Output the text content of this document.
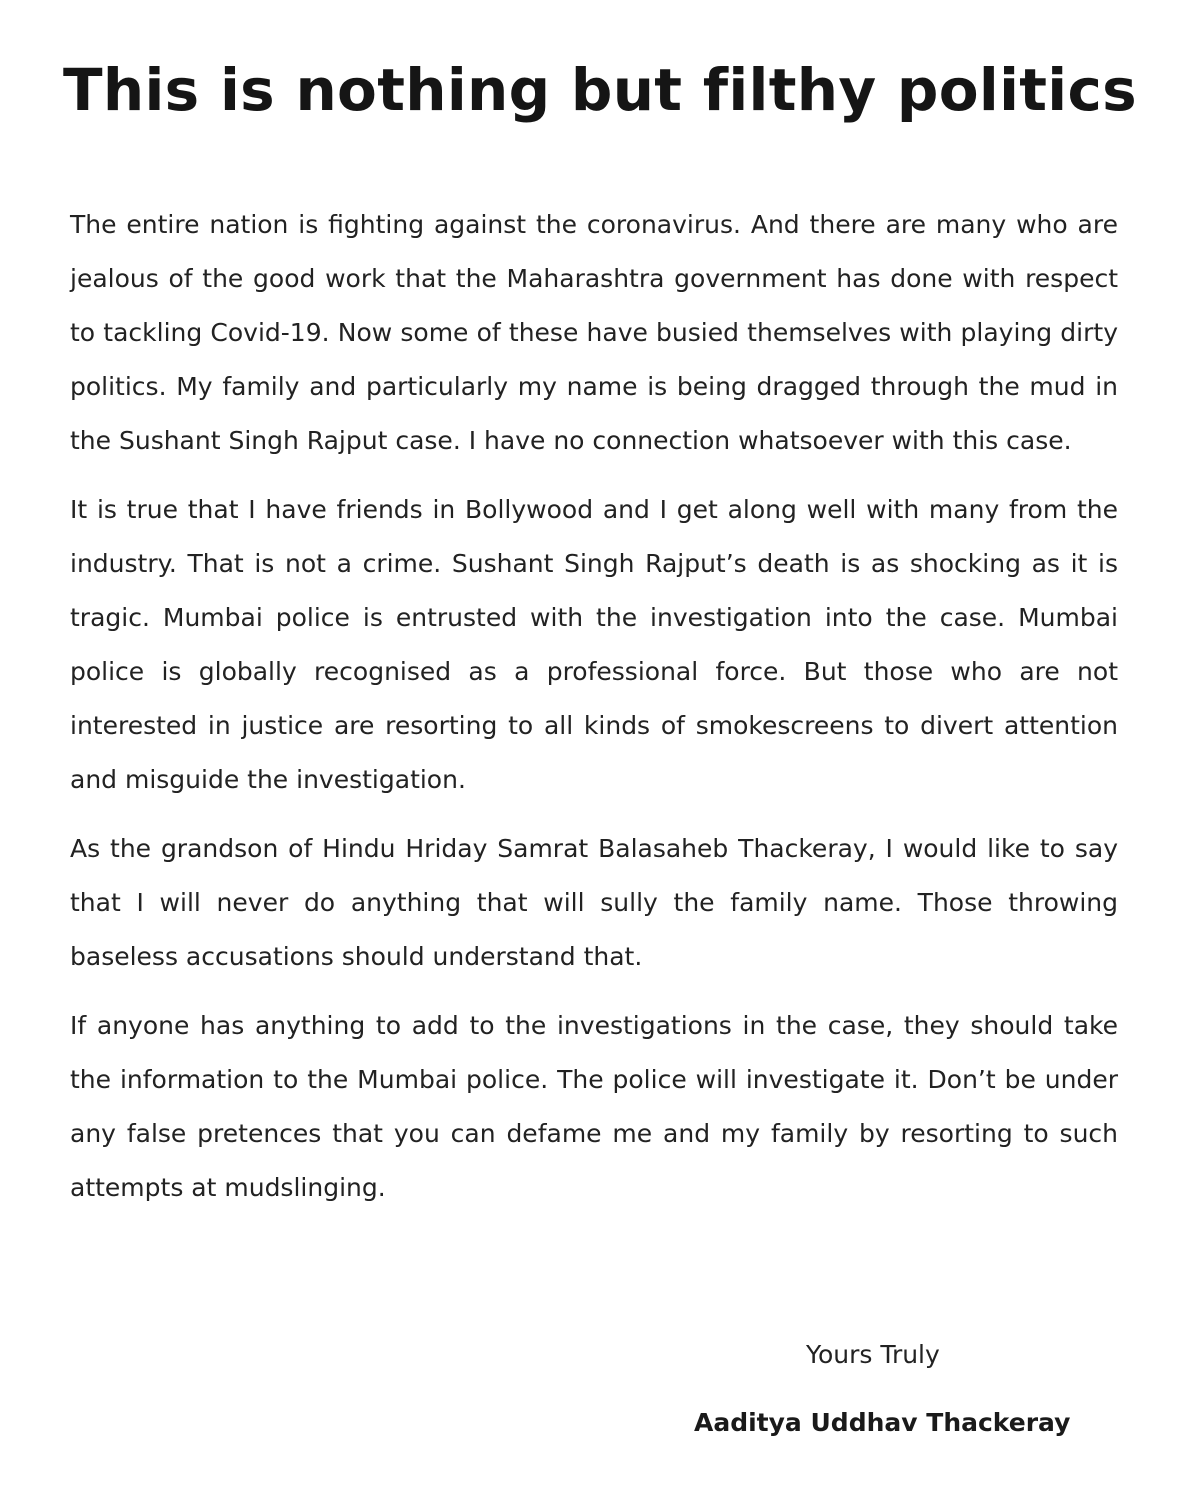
This is nothing but filthy politics

The entire nation is fighting against the coronavirus. And there are many who are jealous of the good work that the Maharashtra government has done with respect to tackling Covid-19. Now some of these have busied themselves with playing dirty politics. My family and particularly my name is being dragged through the mud in the Sushant Singh Rajput case. I have no connection whatsoever with this case.

It is true that I have friends in Bollywood and I get along well with many from the industry. That is not a crime. Sushant Singh Rajput’s death is as shocking as it is tragic. Mumbai police is entrusted with the investigation into the case. Mumbai police is globally recognised as a professional force. But those who are not interested in justice are resorting to all kinds of smokescreens to divert attention and misguide the investigation.

As the grandson of Hindu Hriday Samrat Balasaheb Thackeray, I would like to say that I will never do anything that will sully the family name. Those throwing baseless accusations should understand that.

If anyone has anything to add to the investigations in the case, they should take the information to the Mumbai police. The police will investigate it. Don’t be under any false pretences that you can defame me and my family by resorting to such attempts at mudslinging.

Yours Truly
Aaditya Uddhav Thackeray
